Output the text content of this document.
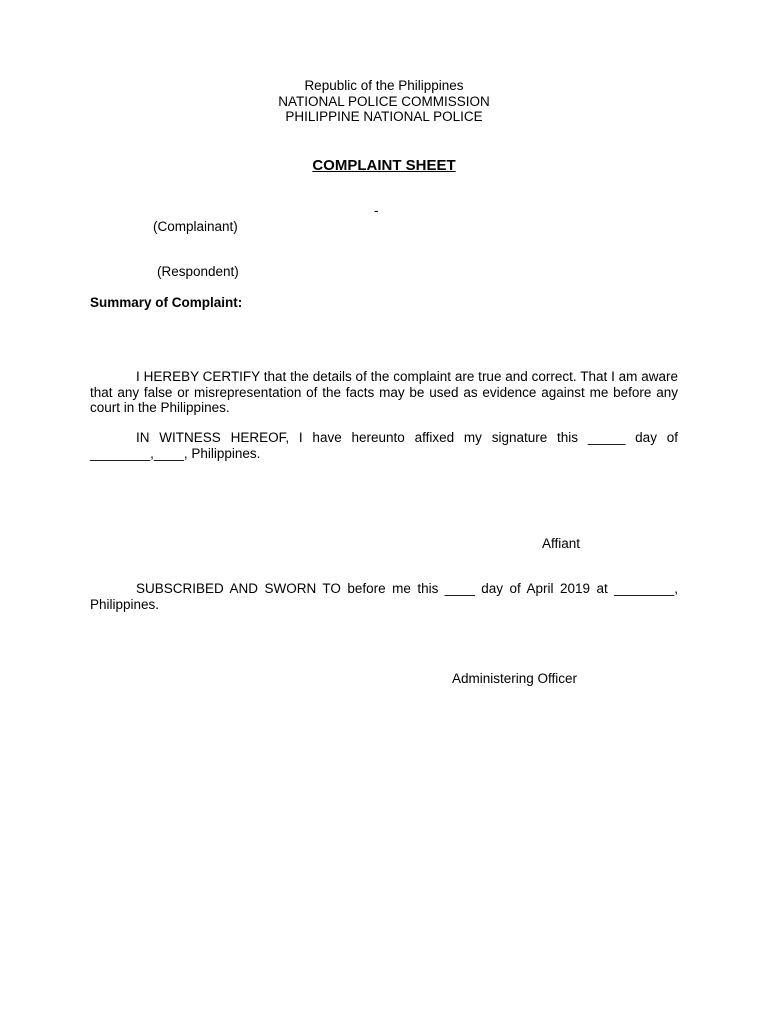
Republic of the Philippines
NATIONAL POLICE COMMISSION
PHILIPPINE NATIONAL POLICE
COMPLAINT SHEET
-
(Complainant)
(Respondent)
Summary of Complaint:
I HEREBY CERTIFY that the details of the complaint are true and correct. That I am aware that any false or misrepresentation of the facts may be used as evidence against me before any court in the Philippines.
IN WITNESS HEREOF, I have hereunto affixed my signature this _____ day of ________,____, Philippines.
Affiant
SUBSCRIBED AND SWORN TO before me this ____ day of April 2019 at ________, Philippines.
Administering Officer
